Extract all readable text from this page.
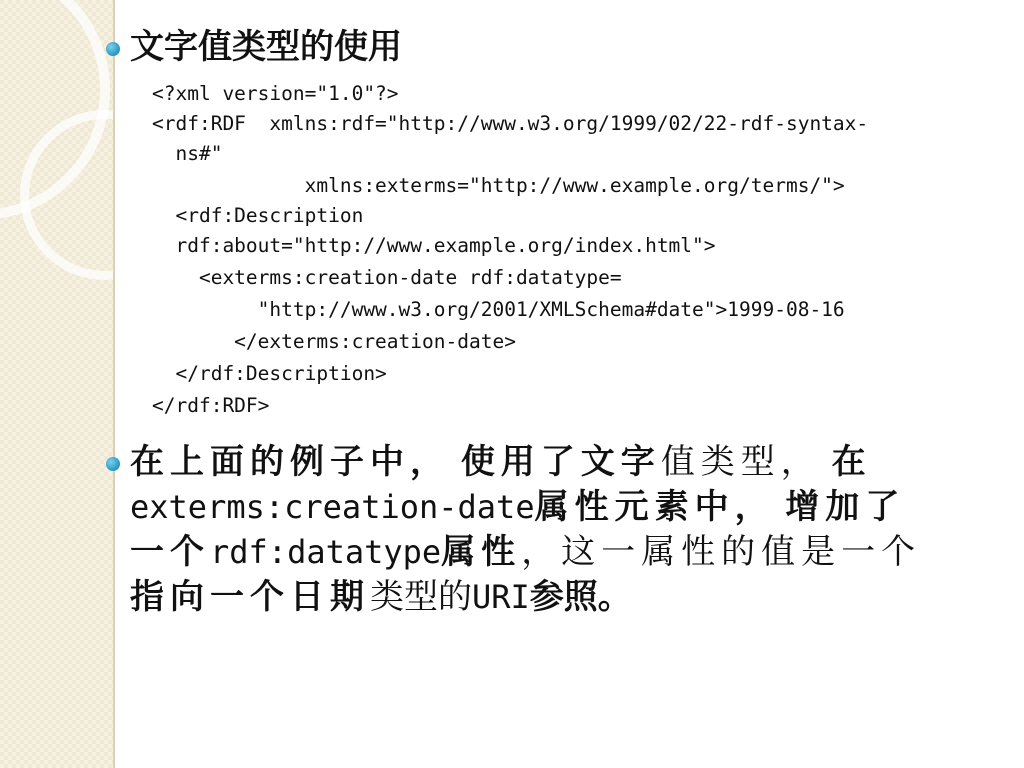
文字值类型的使用
<?xml version="1.0"?>
<rdf:RDF  xmlns:rdf="http://www.w3.org/1999/02/22-rdf-syntax-
ns#"
xmlns:exterms="http://www.example.org/terms/">
<rdf:Description
rdf:about="http://www.example.org/index.html">
<exterms:creation-date rdf:datatype=
"http://www.w3.org/2001/XMLSchema#date">1999-08-16
</exterms:creation-date>
</rdf:Description>
</rdf:RDF>
在上面的例子中， 使用了文字值类型， 在 exterms:creation-date属性元素中， 增加了一个rdf:datatype属性，这一属性的值是一个 指向一个日期类型的URI参照。
